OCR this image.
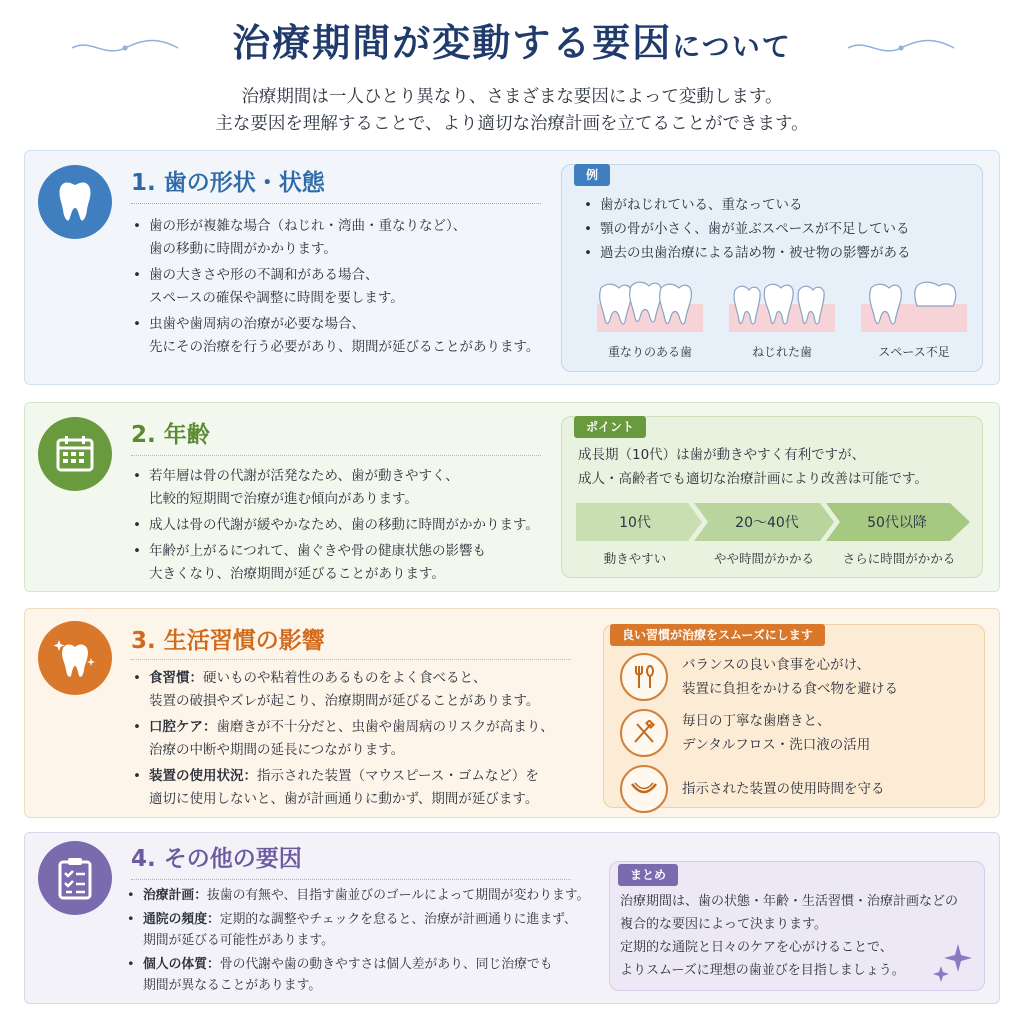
治療期間が変動する要因について
治療期間は一人ひとり異なり、さまざまな要因によって変動します。
主な要因を理解することで、より適切な治療計画を立てることができます。
1. 歯の形状・状態
• 歯の形が複雑な場合（ねじれ・湾曲・重なりなど）、
歯の移動に時間がかかります。
• 歯の大きさや形の不調和がある場合、
スペースの確保や調整に時間を要します。
• 虫歯や歯周病の治療が必要な場合、
先にその治療を行う必要があり、期間が延びることがあります。
例
• 歯がねじれている、重なっている
• 顎の骨が小さく、歯が並ぶスペースが不足している
• 過去の虫歯治療による詰め物・被せ物の影響がある
重なりのある歯	ねじれた歯	スペース不足
2. 年齢
• 若年層は骨の代謝が活発なため、歯が動きやすく、
比較的短期間で治療が進む傾向があります。
• 成人は骨の代謝が緩やかなため、歯の移動に時間がかかります。
• 年齢が上がるにつれて、歯ぐきや骨の健康状態の影響も
大きくなり、治療期間が延びることがあります。
ポイント
成長期（10代）は歯が動きやすく有利ですが、
成人・高齢者でも適切な治療計画により改善は可能です。
10代	20〜40代	50代以降
動きやすい	やや時間がかかる	さらに時間がかかる
3. 生活習慣の影響
• 食習慣：硬いものや粘着性のあるものをよく食べると、
装置の破損やズレが起こり、治療期間が延びることがあります。
• 口腔ケア：歯磨きが不十分だと、虫歯や歯周病のリスクが高まり、
治療の中断や期間の延長につながります。
• 装置の使用状況：指示された装置（マウスピース・ゴムなど）を
適切に使用しないと、歯が計画通りに動かず、期間が延びます。
良い習慣が治療をスムーズにします
バランスの良い食事を心がけ、
装置に負担をかける食べ物を避ける
毎日の丁寧な歯磨きと、
デンタルフロス・洗口液の活用
指示された装置の使用時間を守る
4. その他の要因
• 治療計画：抜歯の有無や、目指す歯並びのゴールによって期間が変わります。
• 通院の頻度：定期的な調整やチェックを怠ると、治療が計画通りに進まず、
期間が延びる可能性があります。
• 個人の体質：骨の代謝や歯の動きやすさは個人差があり、同じ治療でも
期間が異なることがあります。
まとめ
治療期間は、歯の状態・年齢・生活習慣・治療計画などの
複合的な要因によって決まります。
定期的な通院と日々のケアを心がけることで、
よりスムーズに理想の歯並びを目指しましょう。
